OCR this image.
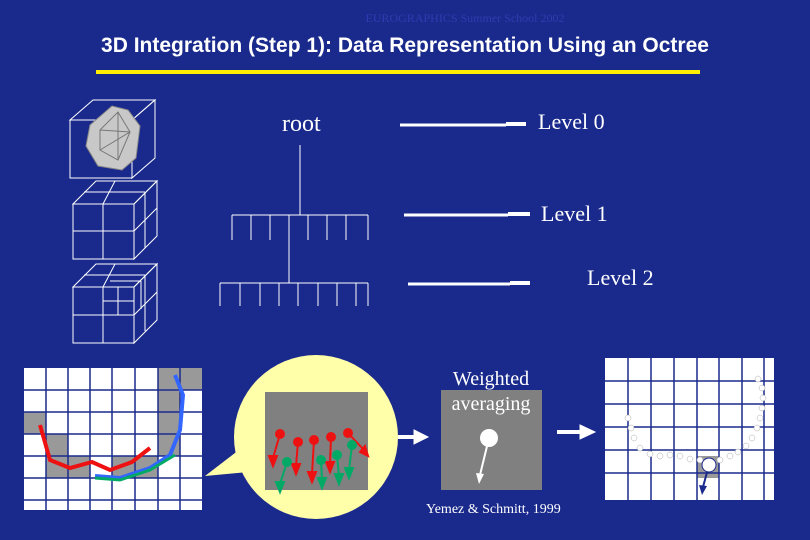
EUROGRAPHICS Summer School 2002
3D Integration (Step 1): Data Representation Using an Octree
root	Level 0
Level 1
Level 2
Weighted
averaging
Yemez & Schmitt, 1999
